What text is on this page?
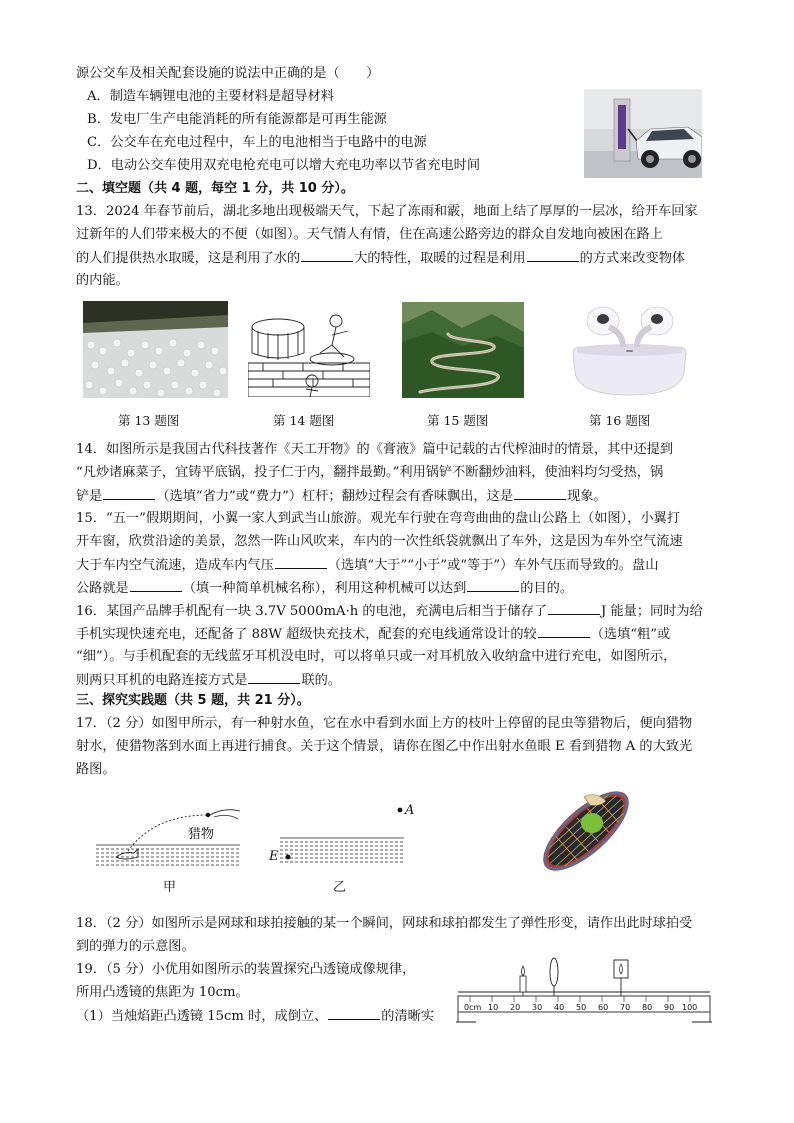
源公交车及相关配套设施的说法中正确的是（　　）
A．制造车辆锂电池的主要材料是超导材料
B．发电厂生产电能消耗的所有能源都是可再生能源
C．公交车在充电过程中，车上的电池相当于电路中的电源
D．电动公交车使用双充电枪充电可以增大充电功率以节省充电时间
二、填空题（共 4 题，每空 1 分，共 10 分）。
13．2024 年春节前后，湖北多地出现极端天气，下起了冻雨和霰，地面上结了厚厚的一层冰，给开车回家
过新年的人们带来极大的不便（如图）。天气情人有情，住在高速公路旁边的群众自发地向被困在路上
的人们提供热水取暖，这是利用了水的	大的特性，取暖的过程是利用	的方式来改变物体
的内能。
第 13 题图	第 14 题图	第 15 题图	第 16 题图
14．如图所示是我国古代科技著作《天工开物》的《膏液》篇中记载的古代榨油时的情景，其中还提到
“凡炒诸麻菜子，宜铸平底锅，投子仁于内，翻拌最勤。”利用锅铲不断翻炒油料，使油料均匀受热，锅
铲是	（选填“省力”或“费力”）杠杆；翻炒过程会有香味飘出，这是	现象。
15．“五一”假期期间，小翼一家人到武当山旅游。观光车行驶在弯弯曲曲的盘山公路上（如图），小翼打
开车窗，欣赏沿途的美景，忽然一阵山风吹来，车内的一次性纸袋就飘出了车外，这是因为车外空气流速
大于车内空气流速，造成车内气压	（选填“大于”“小于”或“等于”）车外气压而导致的。盘山
公路就是	（填一种简单机械名称），利用这种机械可以达到	的目的。
16．某国产品牌手机配有一块 3.7V 5000mA·h 的电池，充满电后相当于储存了	J 能量；同时为给
手机实现快速充电，还配备了 88W 超级快充技术，配套的充电线通常设计的较	（选填“粗”或
“细”）。与手机配套的无线蓝牙耳机没电时，可以将单只或一对耳机放入收纳盒中进行充电，如图所示，
则两只耳机的电路连接方式是	联的。
三、探究实践题（共 5 题，共 21 分）。
17．（2 分）如图甲所示，有一种射水鱼，它在水中看到水面上方的枝叶上停留的昆虫等猎物后，便向猎物
射水，使猎物落到水面上再进行捕食。关于这个情景，请你在图乙中作出射水鱼眼 E 看到猎物 A 的大致光
路图。
猎物
甲
A
E
乙
18．（2 分）如图所示是网球和球拍接触的某一个瞬间，网球和球拍都发生了弹性形变，请作出此时球拍受
到的弹力的示意图。
19．（5 分）小优用如图所示的装置探究凸透镜成像规律，
所用凸透镜的焦距为 10cm。
（1）当烛焰距凸透镜 15cm 时，成倒立、	的清晰实
0cm 10 20 30 40 50 60 70 80 90 100
